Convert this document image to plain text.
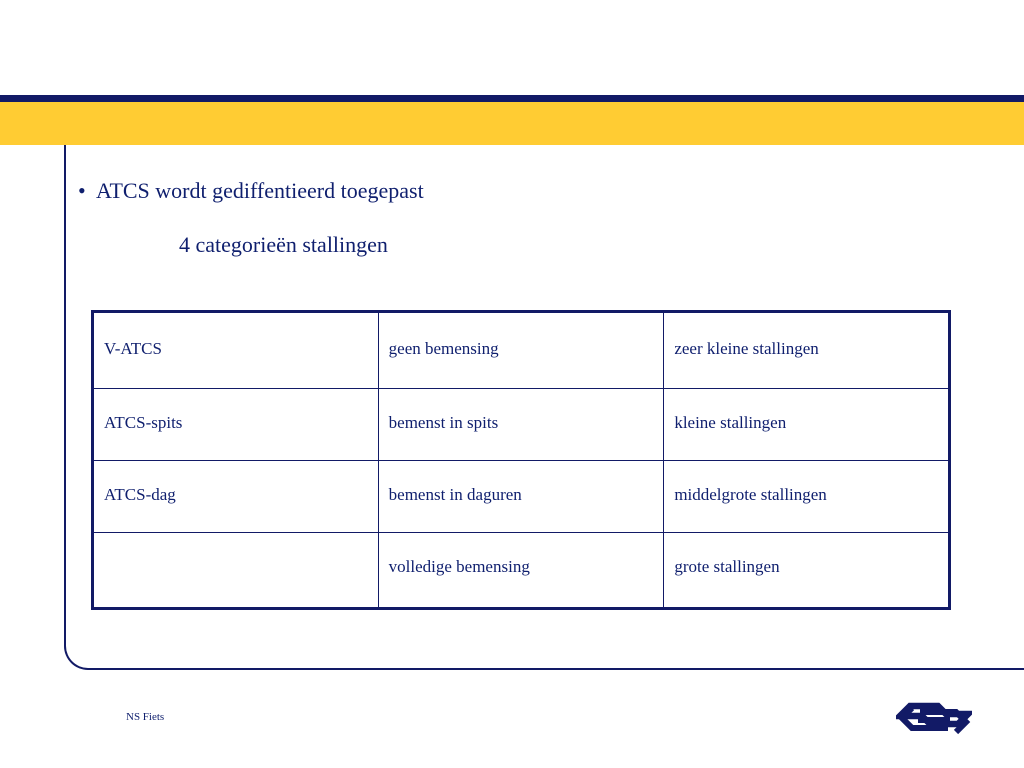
• ATCS wordt gediffentieerd toegepast
4 categorieën stallingen
V-ATCS	geen bemensing	zeer kleine stallingen
ATCS-spits	bemenst in spits	kleine stallingen
ATCS-dag	bemenst in daguren	middelgrote stallingen
	volledige bemensing	grote stallingen
NS Fiets
